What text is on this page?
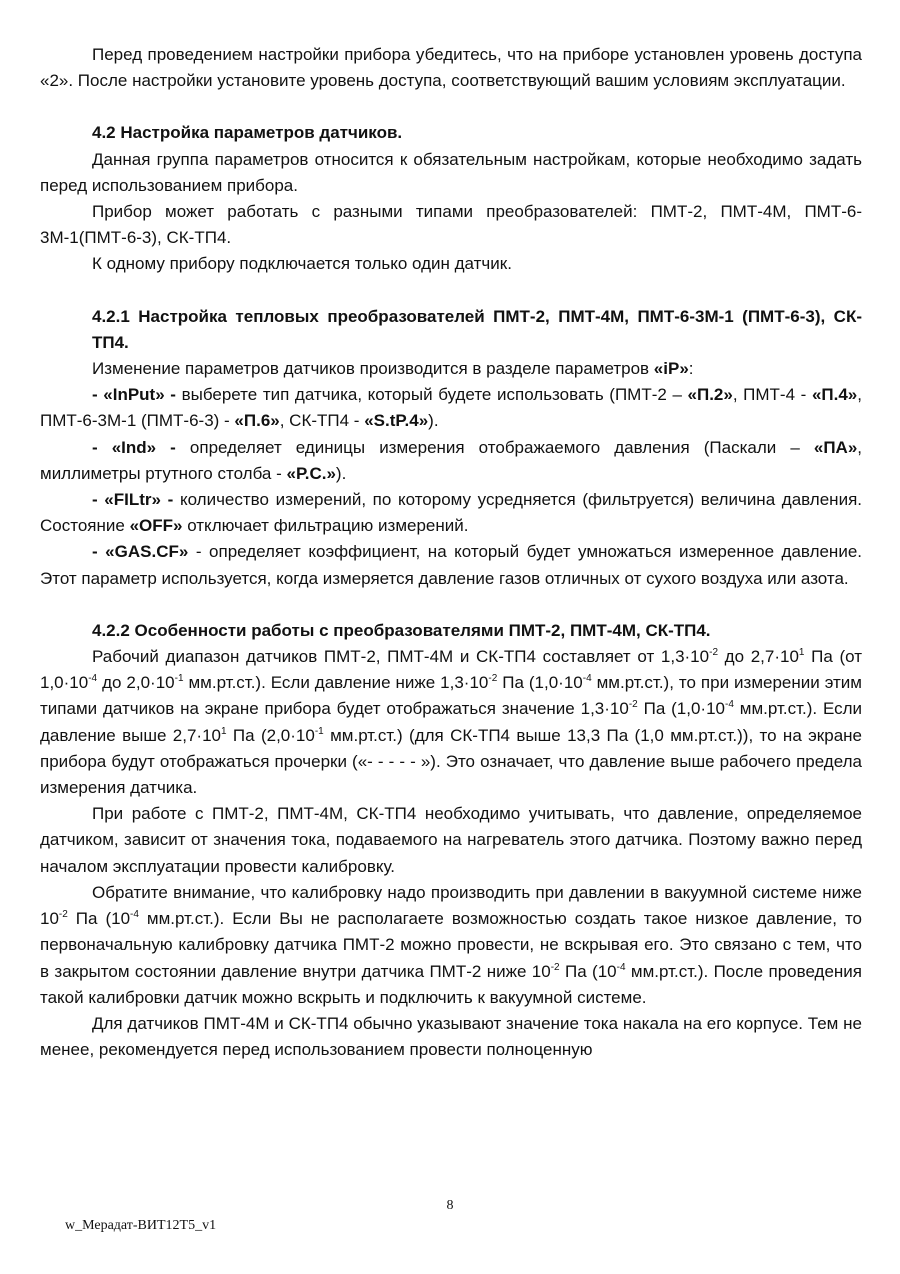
Перед проведением настройки прибора убедитесь, что на приборе установлен уровень доступа «2». После настройки установите уровень доступа, соответствующий вашим условиям эксплуатации.

4.2 Настройка параметров датчиков.

Данная группа параметров относится к обязательным настройкам, которые необходимо задать перед использованием прибора.

Прибор может работать с разными типами преобразователей: ПМТ-2, ПМТ-4М, ПМТ-6-3М-1(ПМТ-6-3), СК-ТП4.

К одному прибору подключается только один датчик.

4.2.1 Настройка тепловых преобразователей ПМТ-2, ПМТ-4М, ПМТ-6-3М-1 (ПМТ-6-3), СК-ТП4.

Изменение параметров датчиков производится в разделе параметров «iP»:

- «InPut» - выберете тип датчика, который будете использовать (ПМТ-2 – «П.2», ПМТ-4 - «П.4», ПМТ-6-3М-1 (ПМТ-6-3) - «П.6», СК-ТП4 - «S.tP.4»).

- «Ind» - определяет единицы измерения отображаемого давления (Паскали – «ПА», миллиметры ртутного столба - «Р.С.»).

- «FILtr» - количество измерений, по которому усредняется (фильтруется) величина давления. Состояние «OFF» отключает фильтрацию измерений.

- «GAS.CF» - определяет коэффициент, на который будет умножаться измеренное давление. Этот параметр используется, когда измеряется давление газов отличных от сухого воздуха или азота.

4.2.2 Особенности работы с преобразователями ПМТ-2, ПМТ-4М, СК-ТП4.

Рабочий диапазон датчиков ПМТ-2, ПМТ-4М и СК-ТП4 составляет от $1,3\cdot 10^{-2}$ до $2,7\cdot 10^1$ Па (от $1,0\cdot 10^{-4}$ до $2,0\cdot 10^{-1}$ мм.рт.ст.). Если давление ниже $1,3\cdot 10^{-2}$ Па ($1,0\cdot 10^{-4}$ мм.рт.ст.), то при измерении этим типами датчиков на экране прибора будет отображаться значение $1,3\cdot 10^{-2}$ Па ($1,0\cdot 10^{-4}$ мм.рт.ст.). Если давление выше $2,7\cdot 10^1$ Па ($2,0\cdot 10^{-1}$ мм.рт.ст.) (для СК-ТП4 выше 13,3 Па (1,0 мм.рт.ст.)), то на экране прибора будут отображаться прочерки («- - - - - »). Это означает, что давление выше рабочего предела измерения датчика.

При работе с ПМТ-2, ПМТ-4М, СК-ТП4 необходимо учитывать, что давление, определяемое датчиком, зависит от значения тока, подаваемого на нагреватель этого датчика. Поэтому важно перед началом эксплуатации провести калибровку.

Обратите внимание, что калибровку надо производить при давлении в вакуумной системе ниже $10^{-2}$ Па ($10^{-4}$ мм.рт.ст.). Если Вы не располагаете возможностью создать такое низкое давление, то первоначальную калибровку датчика ПМТ-2 можно провести, не вскрывая его. Это связано с тем, что в закрытом состоянии давление внутри датчика ПМТ-2 ниже $10^{-2}$ Па ($10^{-4}$ мм.рт.ст.). После проведения такой калибровки датчик можно вскрыть и подключить к вакуумной системе.

Для датчиков ПМТ-4М и СК-ТП4 обычно указывают значение тока накала на его корпусе. Тем не менее, рекомендуется перед использованием провести полноценную

8
w_Мерадат-ВИТ12Т5_v1
